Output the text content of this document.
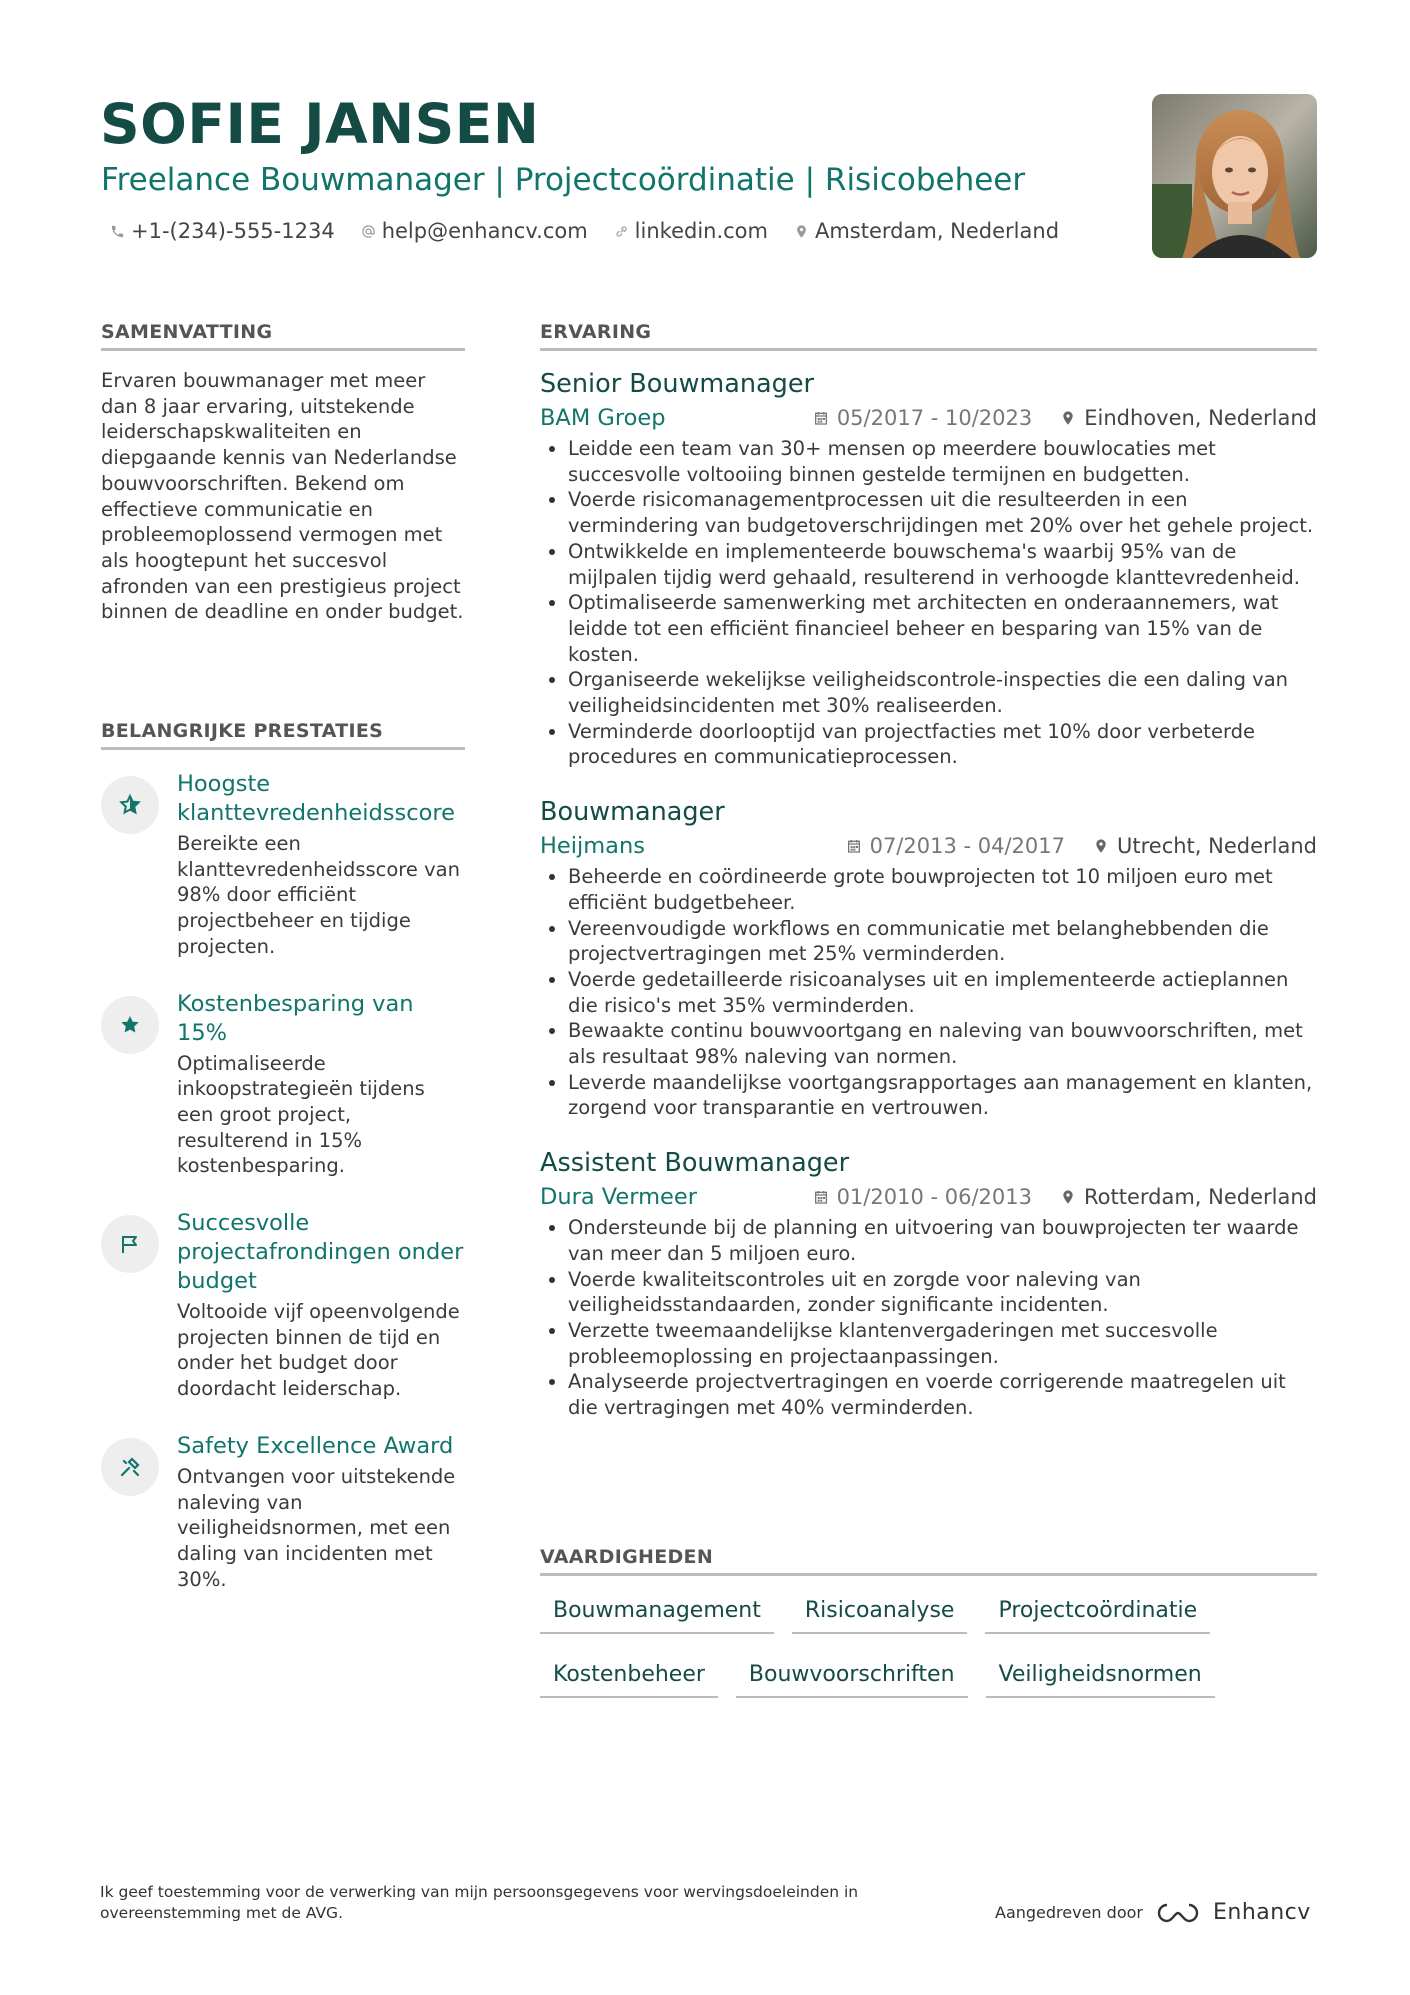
SOFIE JANSEN

Freelance Bouwmanager | Projectcoördinatie | Risicobeheer

+1-(234)-555-1234 help@enhancv.com linkedin.com Amsterdam, Nederland
SAMENVATTING

Ervaren bouwmanager met meer dan 8 jaar ervaring, uitstekende leiderschapskwaliteiten en diepgaande kennis van Nederlandse bouwvoorschriften. Bekend om effectieve communicatie en probleemoplossend vermogen met als hoogtepunt het succesvol afronden van een prestigieus project binnen de deadline en onder budget.

BELANGRIJKE PRESTATIES

Hoogste klanttevredenheidsscore

Bereikte een klanttevredenheidsscore van 98% door efficiënt projectbeheer en tijdige projecten.

Kostenbesparing van 15%

Optimaliseerde inkoopstrategieën tijdens een groot project, resulterend in 15% kostenbesparing.

Succesvolle projectafrondingen onder budget

Voltooide vijf opeenvolgende projecten binnen de tijd en onder het budget door doordacht leiderschap.

Safety Excellence Award

Ontvangen voor uitstekende naleving van veiligheidsnormen, met een daling van incidenten met 30%.

ERVARING

Senior Bouwmanager

BAM Groep	05/2017 - 10/2023 Eindhoven, Nederland
• Leidde een team van 30+ mensen op meerdere bouwlocaties met succesvolle voltooiing binnen gestelde termijnen en budgetten.
• Voerde risicomanagementprocessen uit die resulteerden in een vermindering van budgetoverschrijdingen met 20% over het gehele project.
• Ontwikkelde en implementeerde bouwschema's waarbij 95% van de mijlpalen tijdig werd gehaald, resulterend in verhoogde klanttevredenheid.
• Optimaliseerde samenwerking met architecten en onderaannemers, wat leidde tot een efficiënt financieel beheer en besparing van 15% van de kosten.
• Organiseerde wekelijkse veiligheidscontrole-inspecties die een daling van veiligheidsincidenten met 30% realiseerden.
• Verminderde doorlooptijd van projectfacties met 10% door verbeterde procedures en communicatieprocessen.

Bouwmanager

Heijmans	07/2013 - 04/2017 Utrecht, Nederland
• Beheerde en coördineerde grote bouwprojecten tot 10 miljoen euro met efficiënt budgetbeheer.
• Vereenvoudigde workflows en communicatie met belanghebbenden die projectvertragingen met 25% verminderden.
• Voerde gedetailleerde risicoanalyses uit en implementeerde actieplannen die risico's met 35% verminderden.
• Bewaakte continu bouwvoortgang en naleving van bouwvoorschriften, met als resultaat 98% naleving van normen.
• Leverde maandelijkse voortgangsrapportages aan management en klanten, zorgend voor transparantie en vertrouwen.

Assistent Bouwmanager

Dura Vermeer	01/2010 - 06/2013 Rotterdam, Nederland
• Ondersteunde bij de planning en uitvoering van bouwprojecten ter waarde van meer dan 5 miljoen euro.
• Voerde kwaliteitscontroles uit en zorgde voor naleving van veiligheidsstandaarden, zonder significante incidenten.
• Verzette tweemaandelijkse klantenvergaderingen met succesvolle probleemoplossing en projectaanpassingen.
• Analyseerde projectvertragingen en voerde corrigerende maatregelen uit die vertragingen met 40% verminderden.
VAARDIGHEDEN
Bouwmanagement	Risicoanalyse	Projectcoördinatie
Kostenbeheer	Bouwvoorschriften	Veiligheidsnormen

Ik geef toestemming voor de verwerking van mijn persoonsgegevens voor wervingsdoeleinden in overeenstemming met de AVG.	Aangedreven door	Enhancv
